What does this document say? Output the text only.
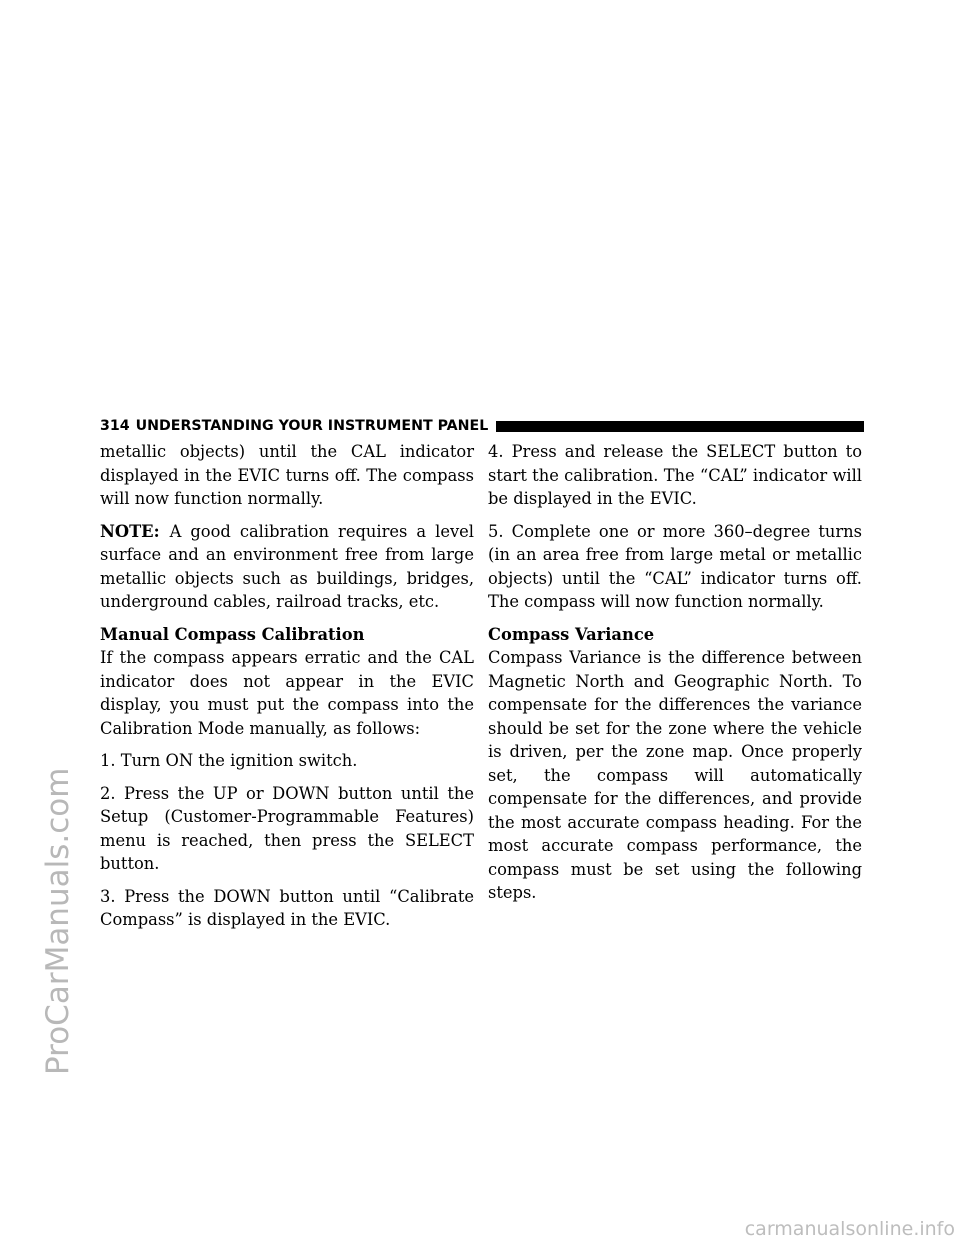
ProCarManuals.com
314 UNDERSTANDING YOUR INSTRUMENT PANEL

metallic objects) until the CAL indicator displayed in the EVIC turns off. The compass will now function normally.

NOTE: A good calibration requires a level surface and an environment free from large metallic objects such as buildings, bridges, underground cables, railroad tracks, etc.

Manual Compass Calibration

If the compass appears erratic and the CAL indicator does not appear in the EVIC display, you must put the compass into the Calibration Mode manually, as follows:

1. Turn ON the ignition switch.

2. Press the UP or DOWN button until the Setup (Customer-Programmable Features) menu is reached, then press the SELECT button.

3. Press the DOWN button until “Calibrate Compass” is displayed in the EVIC.

4. Press and release the SELECT button to start the calibration. The “CAL” indicator will be displayed in the EVIC.

5. Complete one or more 360–degree turns (in an area free from large metal or metallic objects) until the “CAL” indicator turns off. The compass will now function normally.

Compass Variance

Compass Variance is the difference between Magnetic North and Geographic North. To compensate for the differences the variance should be set for the zone where the vehicle is driven, per the zone map. Once properly set, the compass will automatically compensate for the differences, and provide the most accurate compass heading. For the most accurate compass performance, the compass must be set using the following steps.

carmanualsonline.info
